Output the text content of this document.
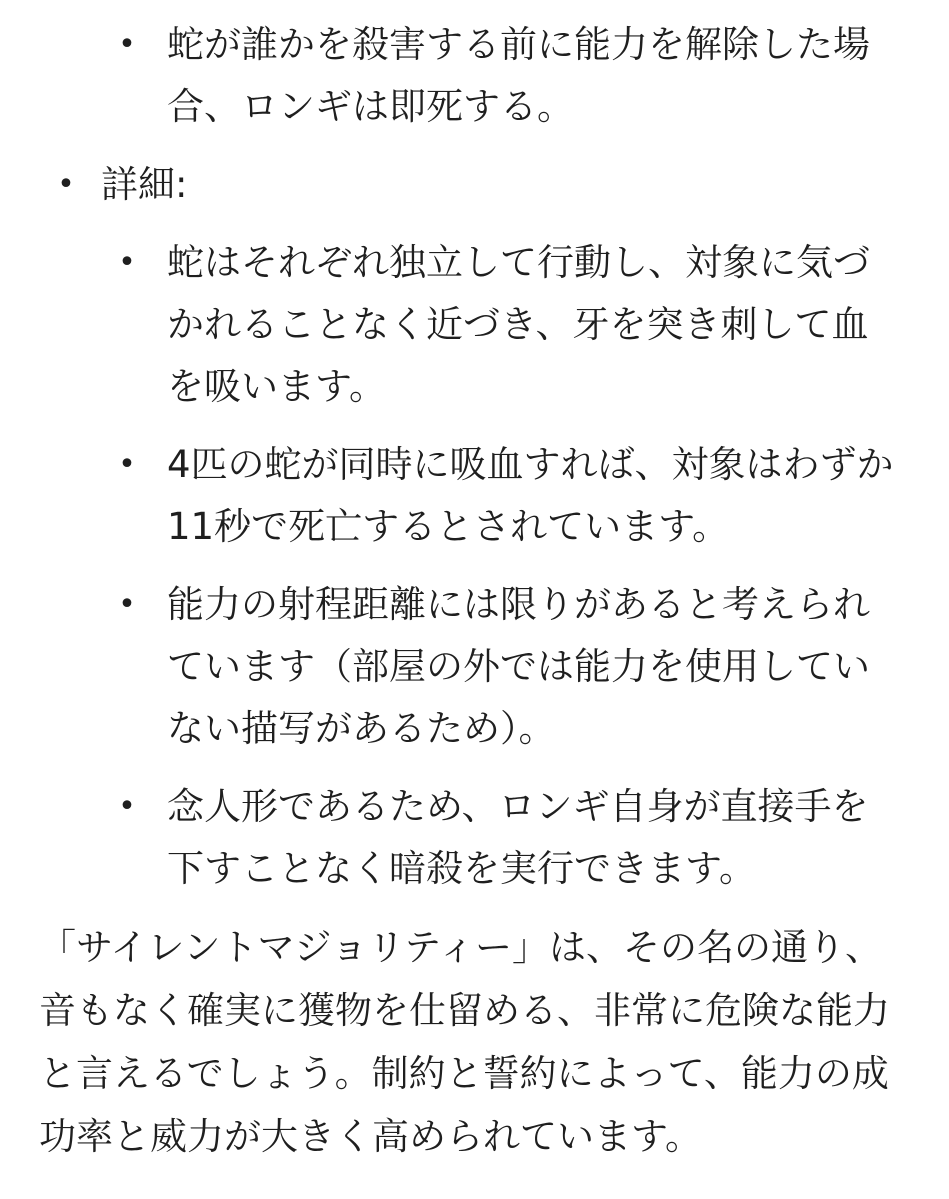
• 蛇が誰かを殺害する前に能力を解除した場合、ロンギは即死する。
• 詳細:
• 蛇はそれぞれ独立して行動し、対象に気づかれることなく近づき、牙を突き刺して血を吸います。
• 4匹の蛇が同時に吸血すれば、対象はわずか11秒で死亡するとされています。
• 能力の射程距離には限りがあると考えられています（部屋の外では能力を使用していない描写があるため）。
• 念人形であるため、ロンギ自身が直接手を下すことなく暗殺を実行できます。

「サイレントマジョリティー」は、その名の通り、音もなく確実に獲物を仕留める、非常に危険な能力と言えるでしょう。制約と誓約によって、能力の成功率と威力が大きく高められています。
